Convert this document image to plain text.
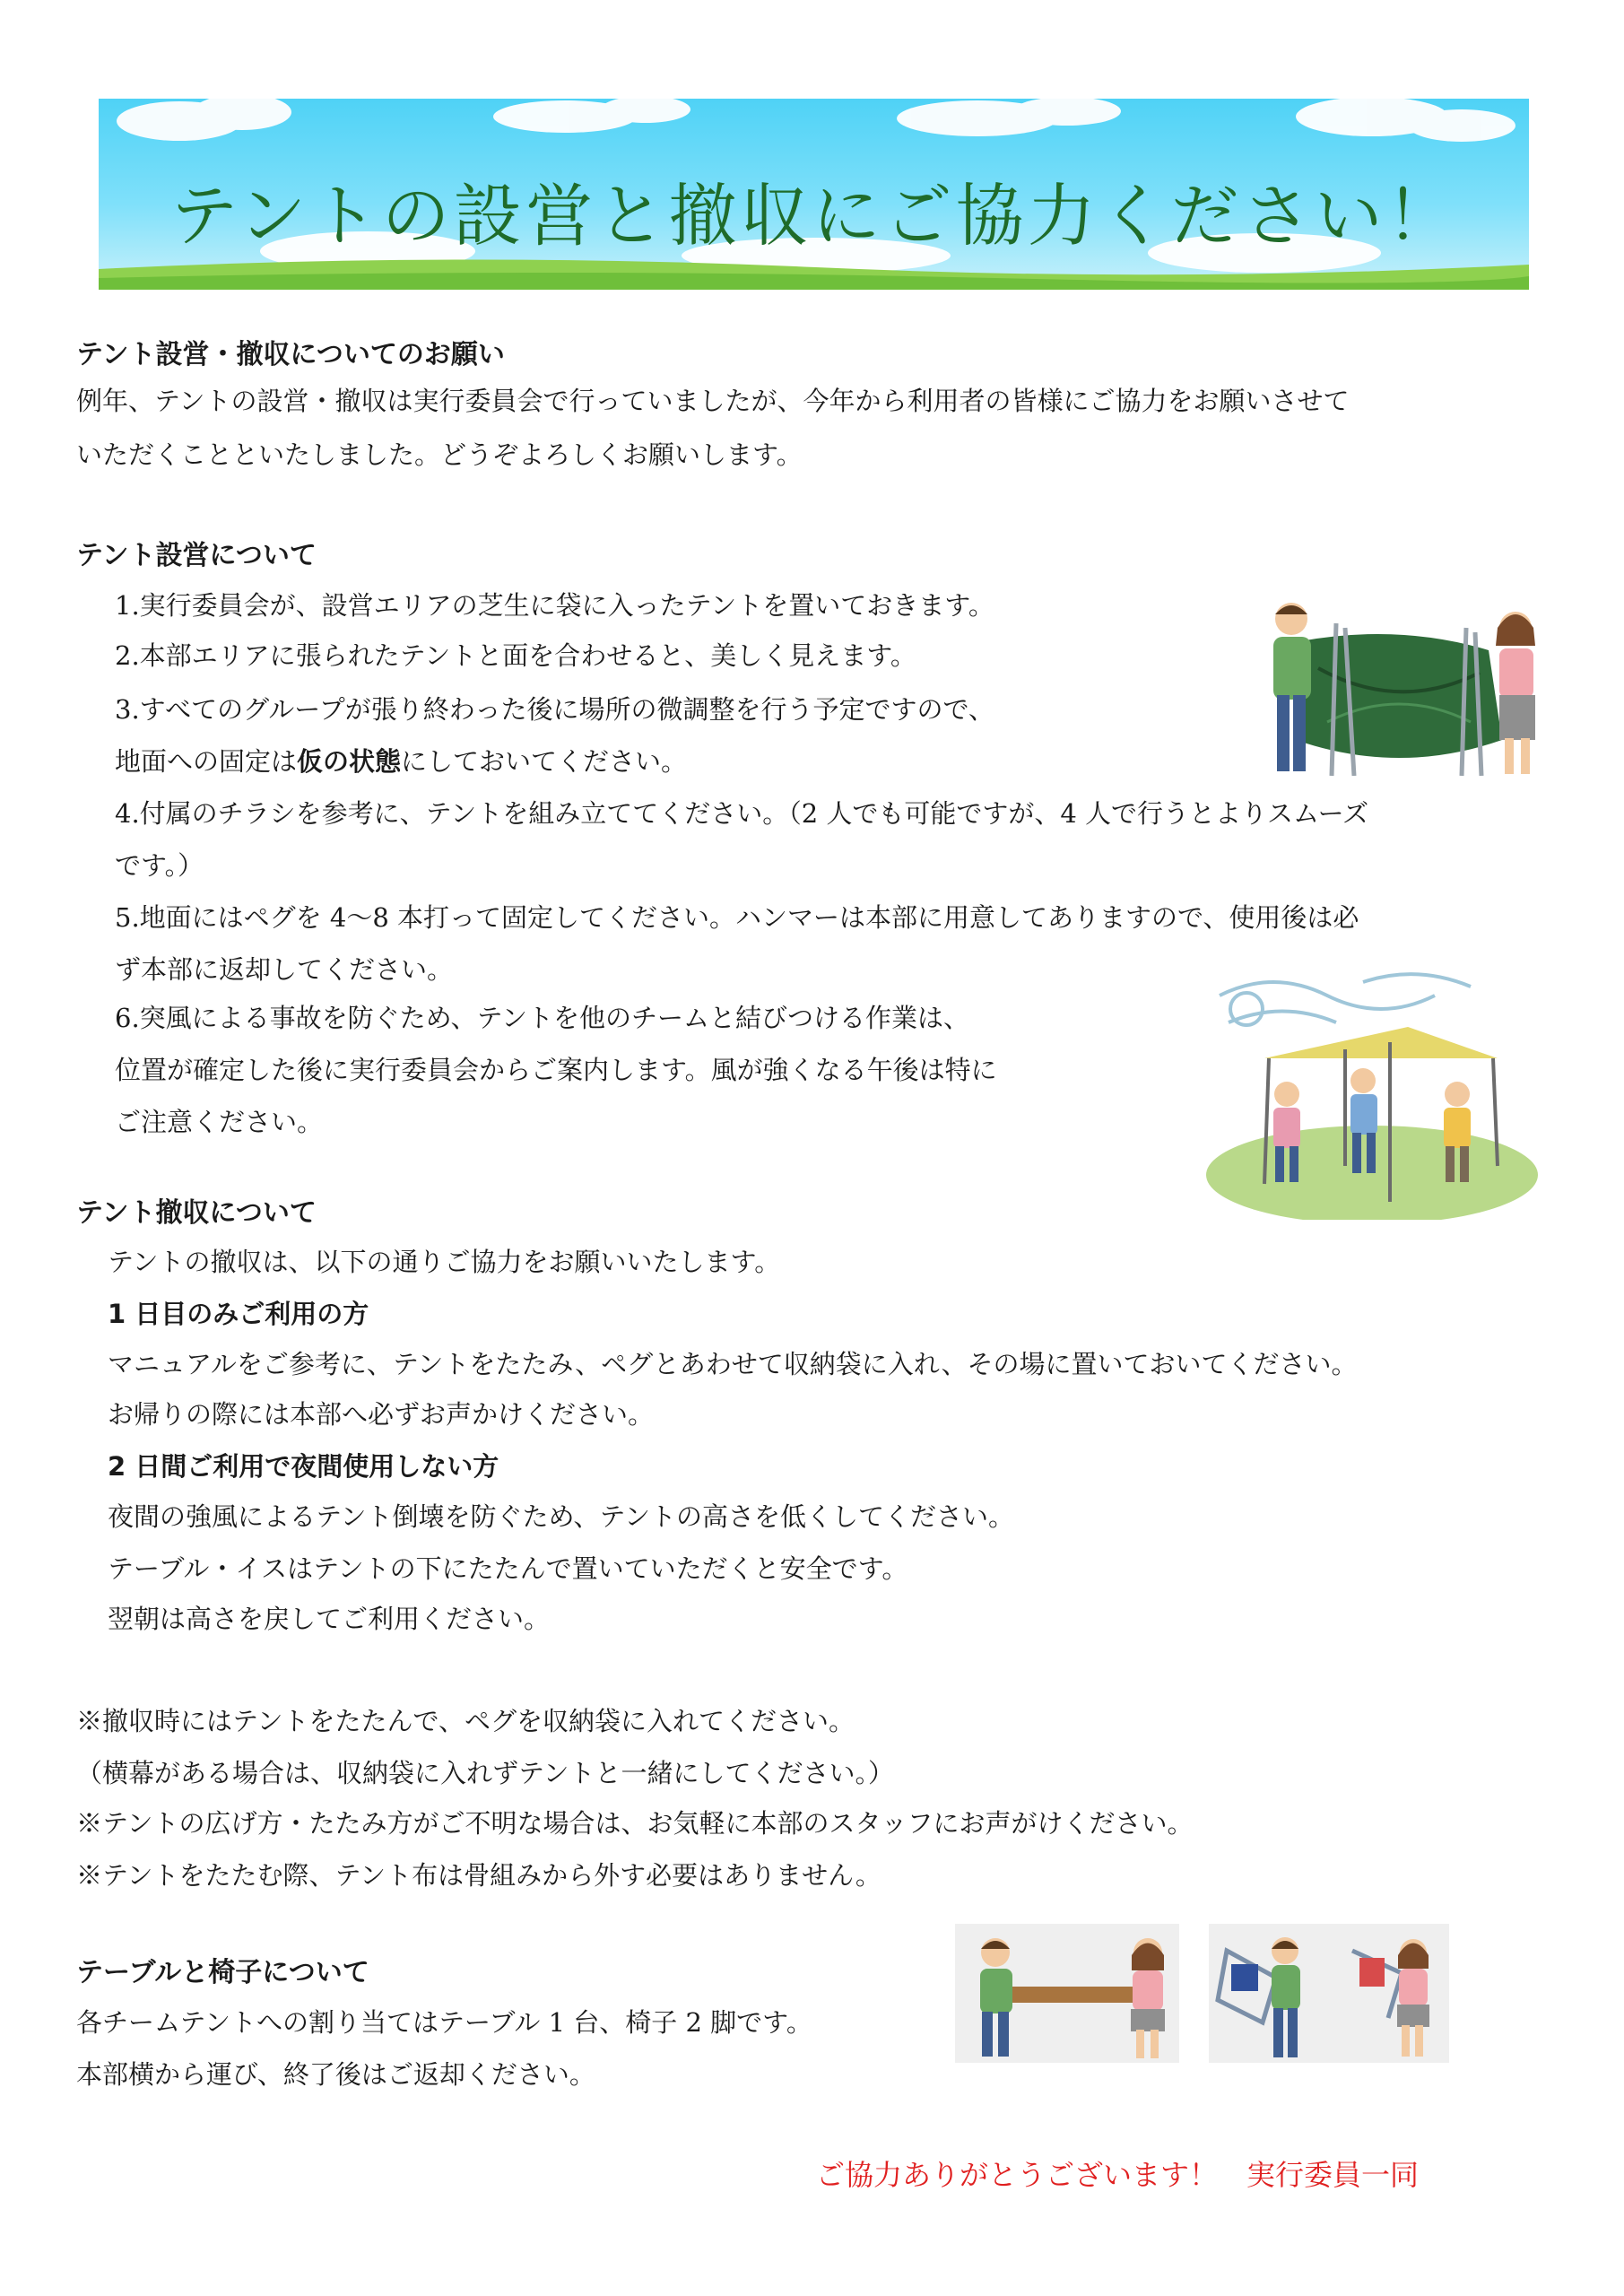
テントの設営と撤収にご協力ください！
テント設営・撤収についてのお願い
例年、テントの設営・撤収は実行委員会で行っていましたが、今年から利用者の皆様にご協力をお願いさせて
いただくことといたしました。どうぞよろしくお願いします。
テント設営について
1.実行委員会が、設営エリアの芝生に袋に入ったテントを置いておきます。
2.本部エリアに張られたテントと面を合わせると、美しく見えます。
3.すべてのグループが張り終わった後に場所の微調整を行う予定ですので、
地面への固定は仮の状態にしておいてください。
4.付属のチラシを参考に、テントを組み立ててください。（2 人でも可能ですが、4 人で行うとよりスムーズ
です。）
5.地面にはペグを 4〜8 本打って固定してください。ハンマーは本部に用意してありますので、使用後は必
ず本部に返却してください。
6.突風による事故を防ぐため、テントを他のチームと結びつける作業は、
位置が確定した後に実行委員会からご案内します。風が強くなる午後は特に
ご注意ください。
テント撤収について
テントの撤収は、以下の通りご協力をお願いいたします。
1 日目のみご利用の方
マニュアルをご参考に、テントをたたみ、ペグとあわせて収納袋に入れ、その場に置いておいてください。
お帰りの際には本部へ必ずお声かけください。
2 日間ご利用で夜間使用しない方
夜間の強風によるテント倒壊を防ぐため、テントの高さを低くしてください。
テーブル・イスはテントの下にたたんで置いていただくと安全です。
翌朝は高さを戻してご利用ください。
※撤収時にはテントをたたんで、ペグを収納袋に入れてください。
（横幕がある場合は、収納袋に入れずテントと一緒にしてください。）
※テントの広げ方・たたみ方がご不明な場合は、お気軽に本部のスタッフにお声がけください。
※テントをたたむ際、テント布は骨組みから外す必要はありません。
テーブルと椅子について
各チームテントへの割り当てはテーブル 1 台、椅子 2 脚です。
本部横から運び、終了後はご返却ください。
ご協力ありがとうございます！　実行委員一同
